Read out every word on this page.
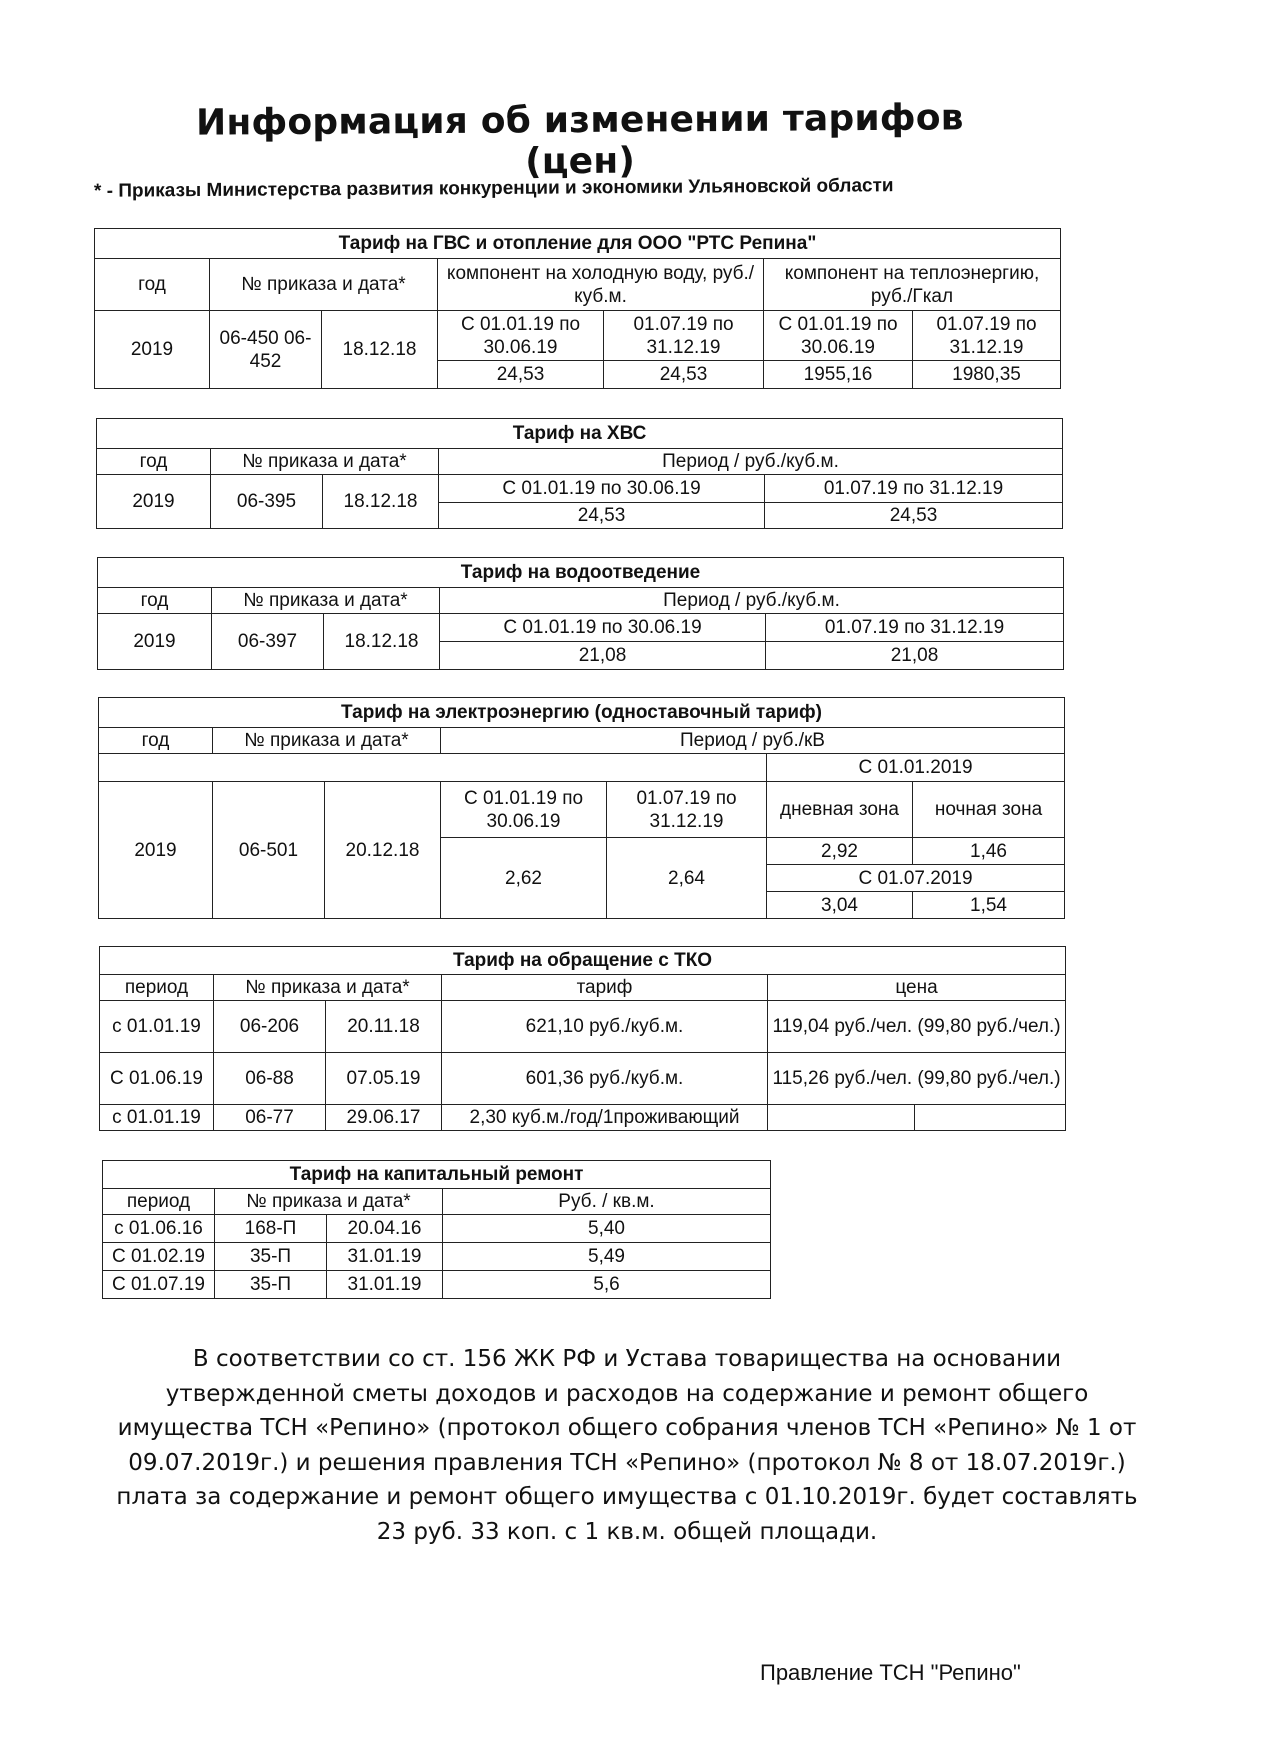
Информация об изменении тарифов (цен)
* - Приказы Министерства развития конкуренции и экономики Ульяновской области
Тариф на ГВС и отопление для ООО "РТС Репина"						
год	№ приказа и дата*		компонент на холодную воду, руб./куб.м.		компонент на теплоэнергию, руб./Гкал	
2019	06-450 06-452	18.12.18	С 01.01.19 по 30.06.19	01.07.19 по 31.12.19	С 01.01.19 по 30.06.19	01.07.19 по 31.12.19
			24,53	24,53	1955,16	1980,35
Тариф на ХВС				
год	№ приказа и дата*		Период / руб./куб.м.	
2019	06-395	18.12.18	С 01.01.19 по 30.06.19	01.07.19 по 31.12.19
			24,53	24,53
Тариф на водоотведение				
год	№ приказа и дата*		Период / руб./куб.м.	
2019	06-397	18.12.18	С 01.01.19 по 30.06.19	01.07.19 по 31.12.19
			21,08	21,08
Тариф на электроэнергию (одноставочный тариф)						
год	№ приказа и дата*		Период / руб./кВ			
					С 01.01.2019	
2019	06-501	20.12.18	С 01.01.19 по 30.06.19	01.07.19 по 31.12.19	дневная зона	ночная зона
			2,62	2,64	2,92	1,46
					С 01.07.2019	
					3,04	1,54
Тариф на обращение с ТКО					
период	№ приказа и дата*		тариф	цена	
с 01.01.19	06-206	20.11.18	621,10 руб./куб.м.	119,04 руб./чел. (99,80 руб./чел.)	
С 01.06.19	06-88	07.05.19	601,36 руб./куб.м.	115,26 руб./чел. (99,80 руб./чел.)	
с 01.01.19	06-77	29.06.17	2,30 куб.м./год/1проживающий		
Тариф на капитальный ремонт			
период	№ приказа и дата*		Руб. / кв.м.
с 01.06.16	168-П	20.04.16	5,40
С 01.02.19	35-П	31.01.19	5,49
С 01.07.19	35-П	31.01.19	5,6
В соответствии со ст. 156 ЖК РФ и Устава товарищества на основании утвержденной сметы доходов и расходов на содержание и ремонт общего имущества ТСН «Репино» (протокол общего собрания членов ТСН «Репино» № 1 от 09.07.2019г.) и решения правления ТСН «Репино» (протокол № 8 от 18.07.2019г.) плата за содержание и ремонт общего имущества с 01.10.2019г. будет составлять 23 руб. 33 коп. с 1 кв.м. общей площади.
Правление ТСН "Репино"
